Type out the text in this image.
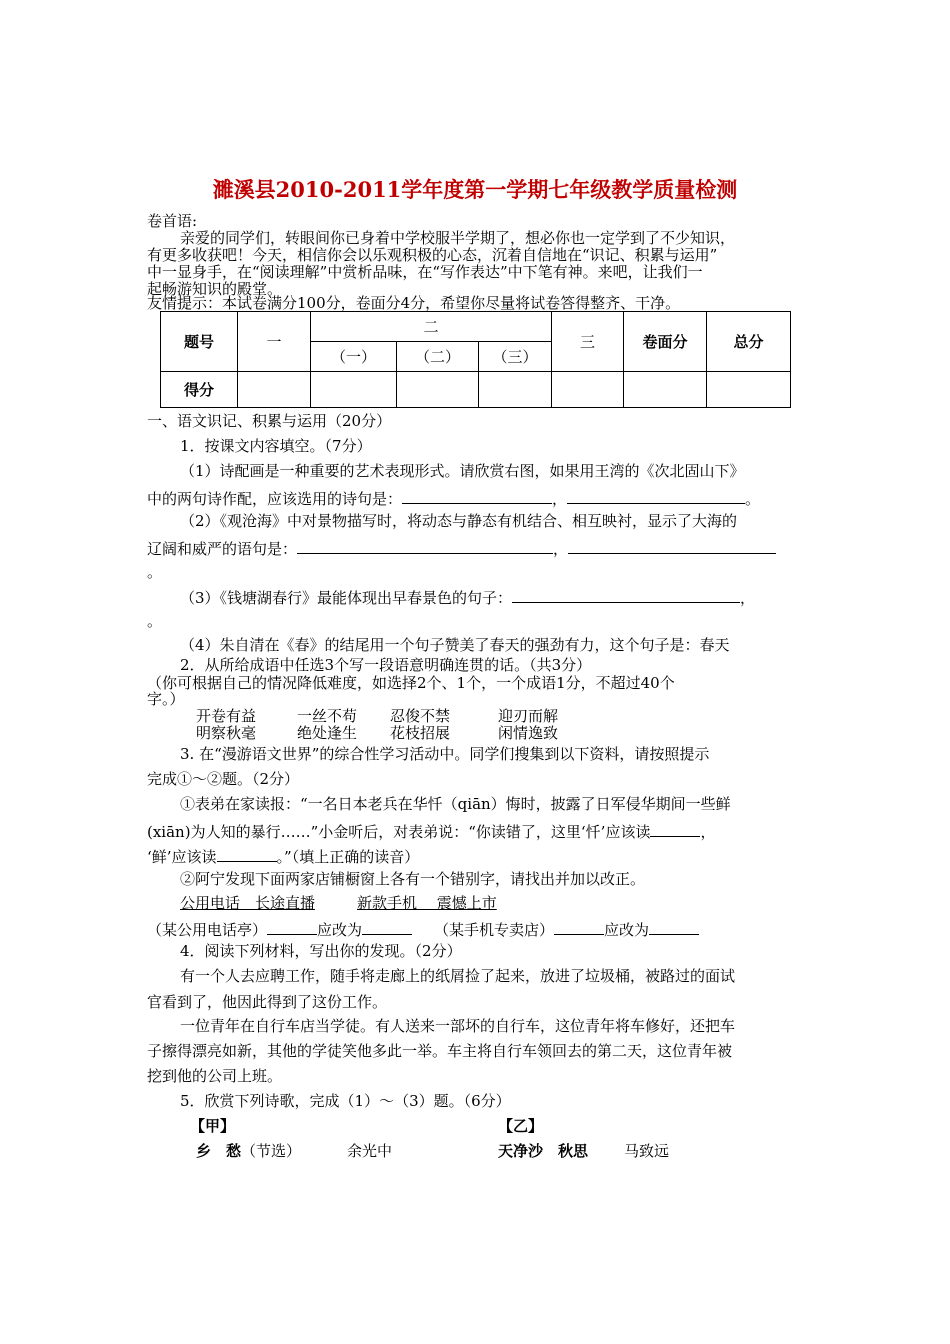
濉溪县2010-2011学年度第一学期七年级教学质量检测
卷首语:
亲爱的同学们，转眼间你已身着中学校服半学期了，想必你也一定学到了不少知识，
有更多收获吧！今天，相信你会以乐观积极的心态，沉着自信地在“识记、积累与运用”
中一显身手，在“阅读理解”中赏析品味，在“写作表达”中下笔有神。来吧，让我们一
起畅游知识的殿堂。
友情提示：本试卷满分100分，卷面分4分，希望你尽量将试卷答得整齐、干净。
题号	一	二			三	卷面分	总分
		（一）	（二）	（三）			
得分							
一、语文识记、积累与运用（20分）
1．按课文内容填空。（7分）
（1）诗配画是一种重要的艺术表现形式。请欣赏右图，如果用王湾的《次北固山下》
中的两句诗作配，应该选用的诗句是：	，	。
（2）《观沧海》中对景物描写时，将动态与静态有机结合、相互映衬，显示了大海的
辽阔和威严的语句是：	，
。
（3）《钱塘湖春行》最能体现出早春景色的句子：	，
。
（4）朱自清在《春》的结尾用一个句子赞美了春天的强劲有力，这个句子是：春天
2．从所给成语中任选3个写一段语意明确连贯的话。（共3分）
（你可根据自己的情况降低难度，如选择2个、1个，一个成语1分，不超过40个
字。）
开卷有益	一丝不苟 忍俊不禁	迎刃而解
明察秋毫	绝处逢生 花枝招展	闲情逸致
3. 在“漫游语文世界”的综合性学习活动中。同学们搜集到以下资料，请按照提示
完成①～②题。（2分）
①表弟在家读报：“一名日本老兵在华忏（qiān）悔时，披露了日军侵华期间一些鲜
(xiān)为人知的暴行……”小金听后，对表弟说：“你读错了，这里‘忏’应该读	，
‘鲜’应该读	。”（填上正确的读音）
②阿宁发现下面两家店铺橱窗上各有一个错别字，请找出并加以改正。
公用电话　长途直播	新款手机　 震憾上市
（某公用电话亭）	应改为	（某手机专卖店）	应改为
4．阅读下列材料，写出你的发现。（2分）
有一个人去应聘工作，随手将走廊上的纸屑捡了起来，放进了垃圾桶，被路过的面试
官看到了，他因此得到了这份工作。
一位青年在自行车店当学徒。有人送来一部坏的自行车，这位青年将车修好，还把车
子擦得漂亮如新，其他的学徒笑他多此一举。车主将自行车领回去的第二天，这位青年被
挖到他的公司上班。
5．欣赏下列诗歌，完成（1）～（3）题。（6分）
【甲】	【乙】
乡　愁（节选）	余光中	天净沙　秋思 马致远
